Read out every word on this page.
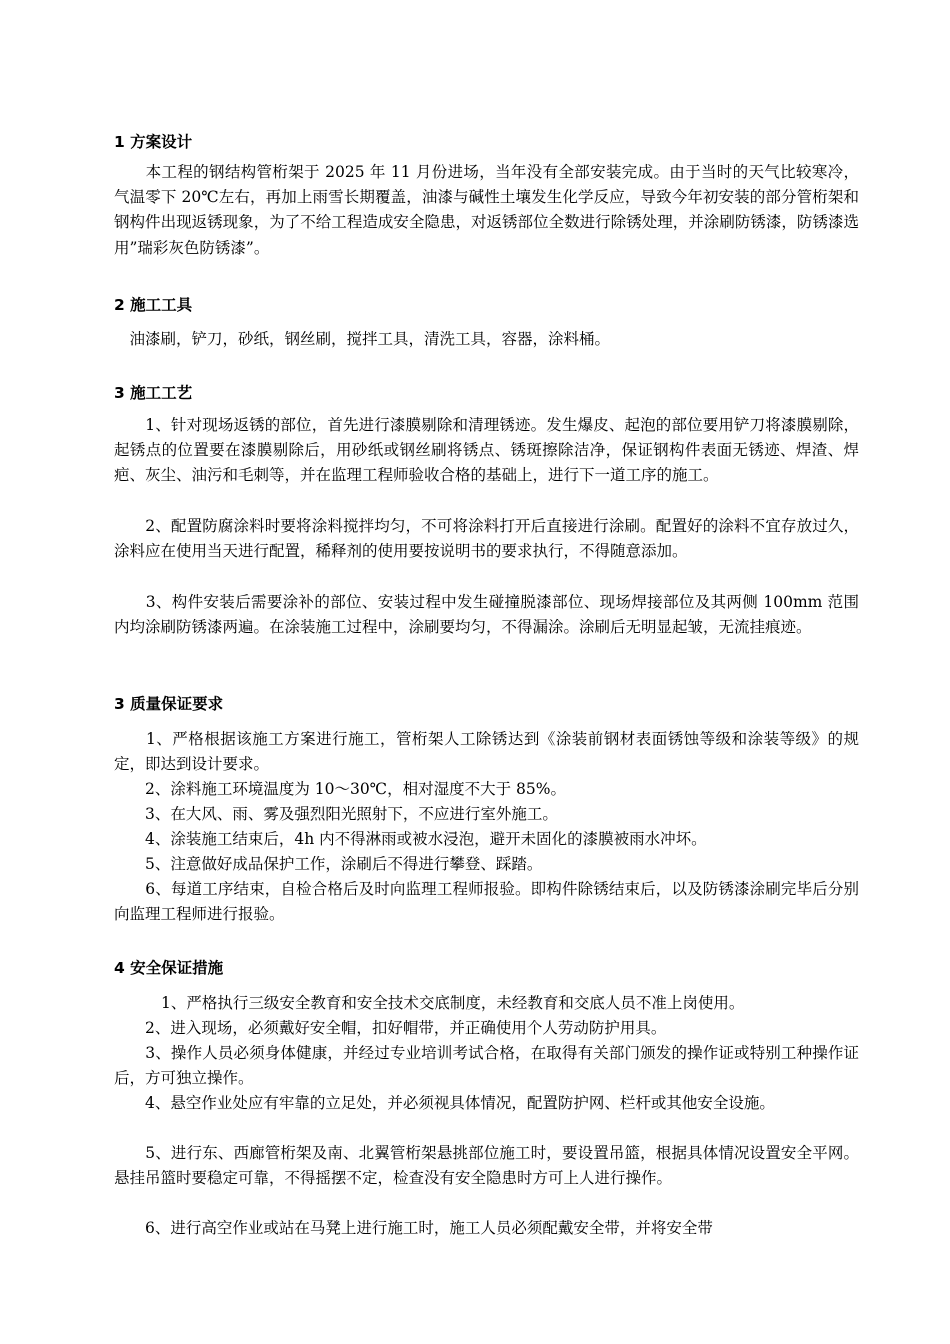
1 方案设计

　　本工程的钢结构管桁架于 2025 年 11 月份进场，当年没有全部安装完成。由于当时的天气比较寒冷，气温零下 20℃左右，再加上雨雪长期覆盖，油漆与碱性土壤发生化学反应，导致今年初安装的部分管桁架和钢构件出现返锈现象，为了不给工程造成安全隐患，对返锈部位全数进行除锈处理，并涂刷防锈漆，防锈漆选用”瑞彩灰色防锈漆”。

2 施工工具

　油漆刷，铲刀，砂纸，钢丝刷，搅拌工具，清洗工具，容器，涂料桶。

3 施工工艺

　　1、针对现场返锈的部位，首先进行漆膜剔除和清理锈迹。发生爆皮、起泡的部位要用铲刀将漆膜剔除，起锈点的位置要在漆膜剔除后，用砂纸或钢丝刷将锈点、锈斑擦除洁净，保证钢构件表面无锈迹、焊渣、焊疤、灰尘、油污和毛刺等，并在监理工程师验收合格的基础上，进行下一道工序的施工。

　　2、配置防腐涂料时要将涂料搅拌均匀，不可将涂料打开后直接进行涂刷。配置好的涂料不宜存放过久，涂料应在使用当天进行配置，稀释剂的使用要按说明书的要求执行，不得随意添加。

　　3、构件安装后需要涂补的部位、安装过程中发生碰撞脱漆部位、现场焊接部位及其两侧 100mm 范围内均涂刷防锈漆两遍。在涂装施工过程中，涂刷要均匀，不得漏涂。涂刷后无明显起皱，无流挂痕迹。

3 质量保证要求

　　1、严格根据该施工方案进行施工，管桁架人工除锈达到《涂装前钢材表面锈蚀等级和涂装等级》的规定，即达到设计要求。

　　2、涂料施工环境温度为 10～30℃，相对湿度不大于 85%。

　　3、在大风、雨、雾及强烈阳光照射下，不应进行室外施工。

　　4、涂装施工结束后，4h 内不得淋雨或被水浸泡，避开未固化的漆膜被雨水冲坏。

　　5、注意做好成品保护工作，涂刷后不得进行攀登、踩踏。

　　6、每道工序结束，自检合格后及时向监理工程师报验。即构件除锈结束后，以及防锈漆涂刷完毕后分别向监理工程师进行报验。

4 安全保证措施

　　1、严格执行三级安全教育和安全技术交底制度，未经教育和交底人员不准上岗使用。

　　2、进入现场，必须戴好安全帽，扣好帽带，并正确使用个人劳动防护用具。

　　3、操作人员必须身体健康，并经过专业培训考试合格，在取得有关部门颁发的操作证或特别工种操作证后，方可独立操作。

　　4、悬空作业处应有牢靠的立足处，并必须视具体情况，配置防护网、栏杆或其他安全设施。

　　5、进行东、西廊管桁架及南、北翼管桁架悬挑部位施工时，要设置吊篮，根据具体情况设置安全平网。悬挂吊篮时要稳定可靠，不得摇摆不定，检查没有安全隐患时方可上人进行操作。

　　6、进行高空作业或站在马凳上进行施工时，施工人员必须配戴安全带，并将安全带
